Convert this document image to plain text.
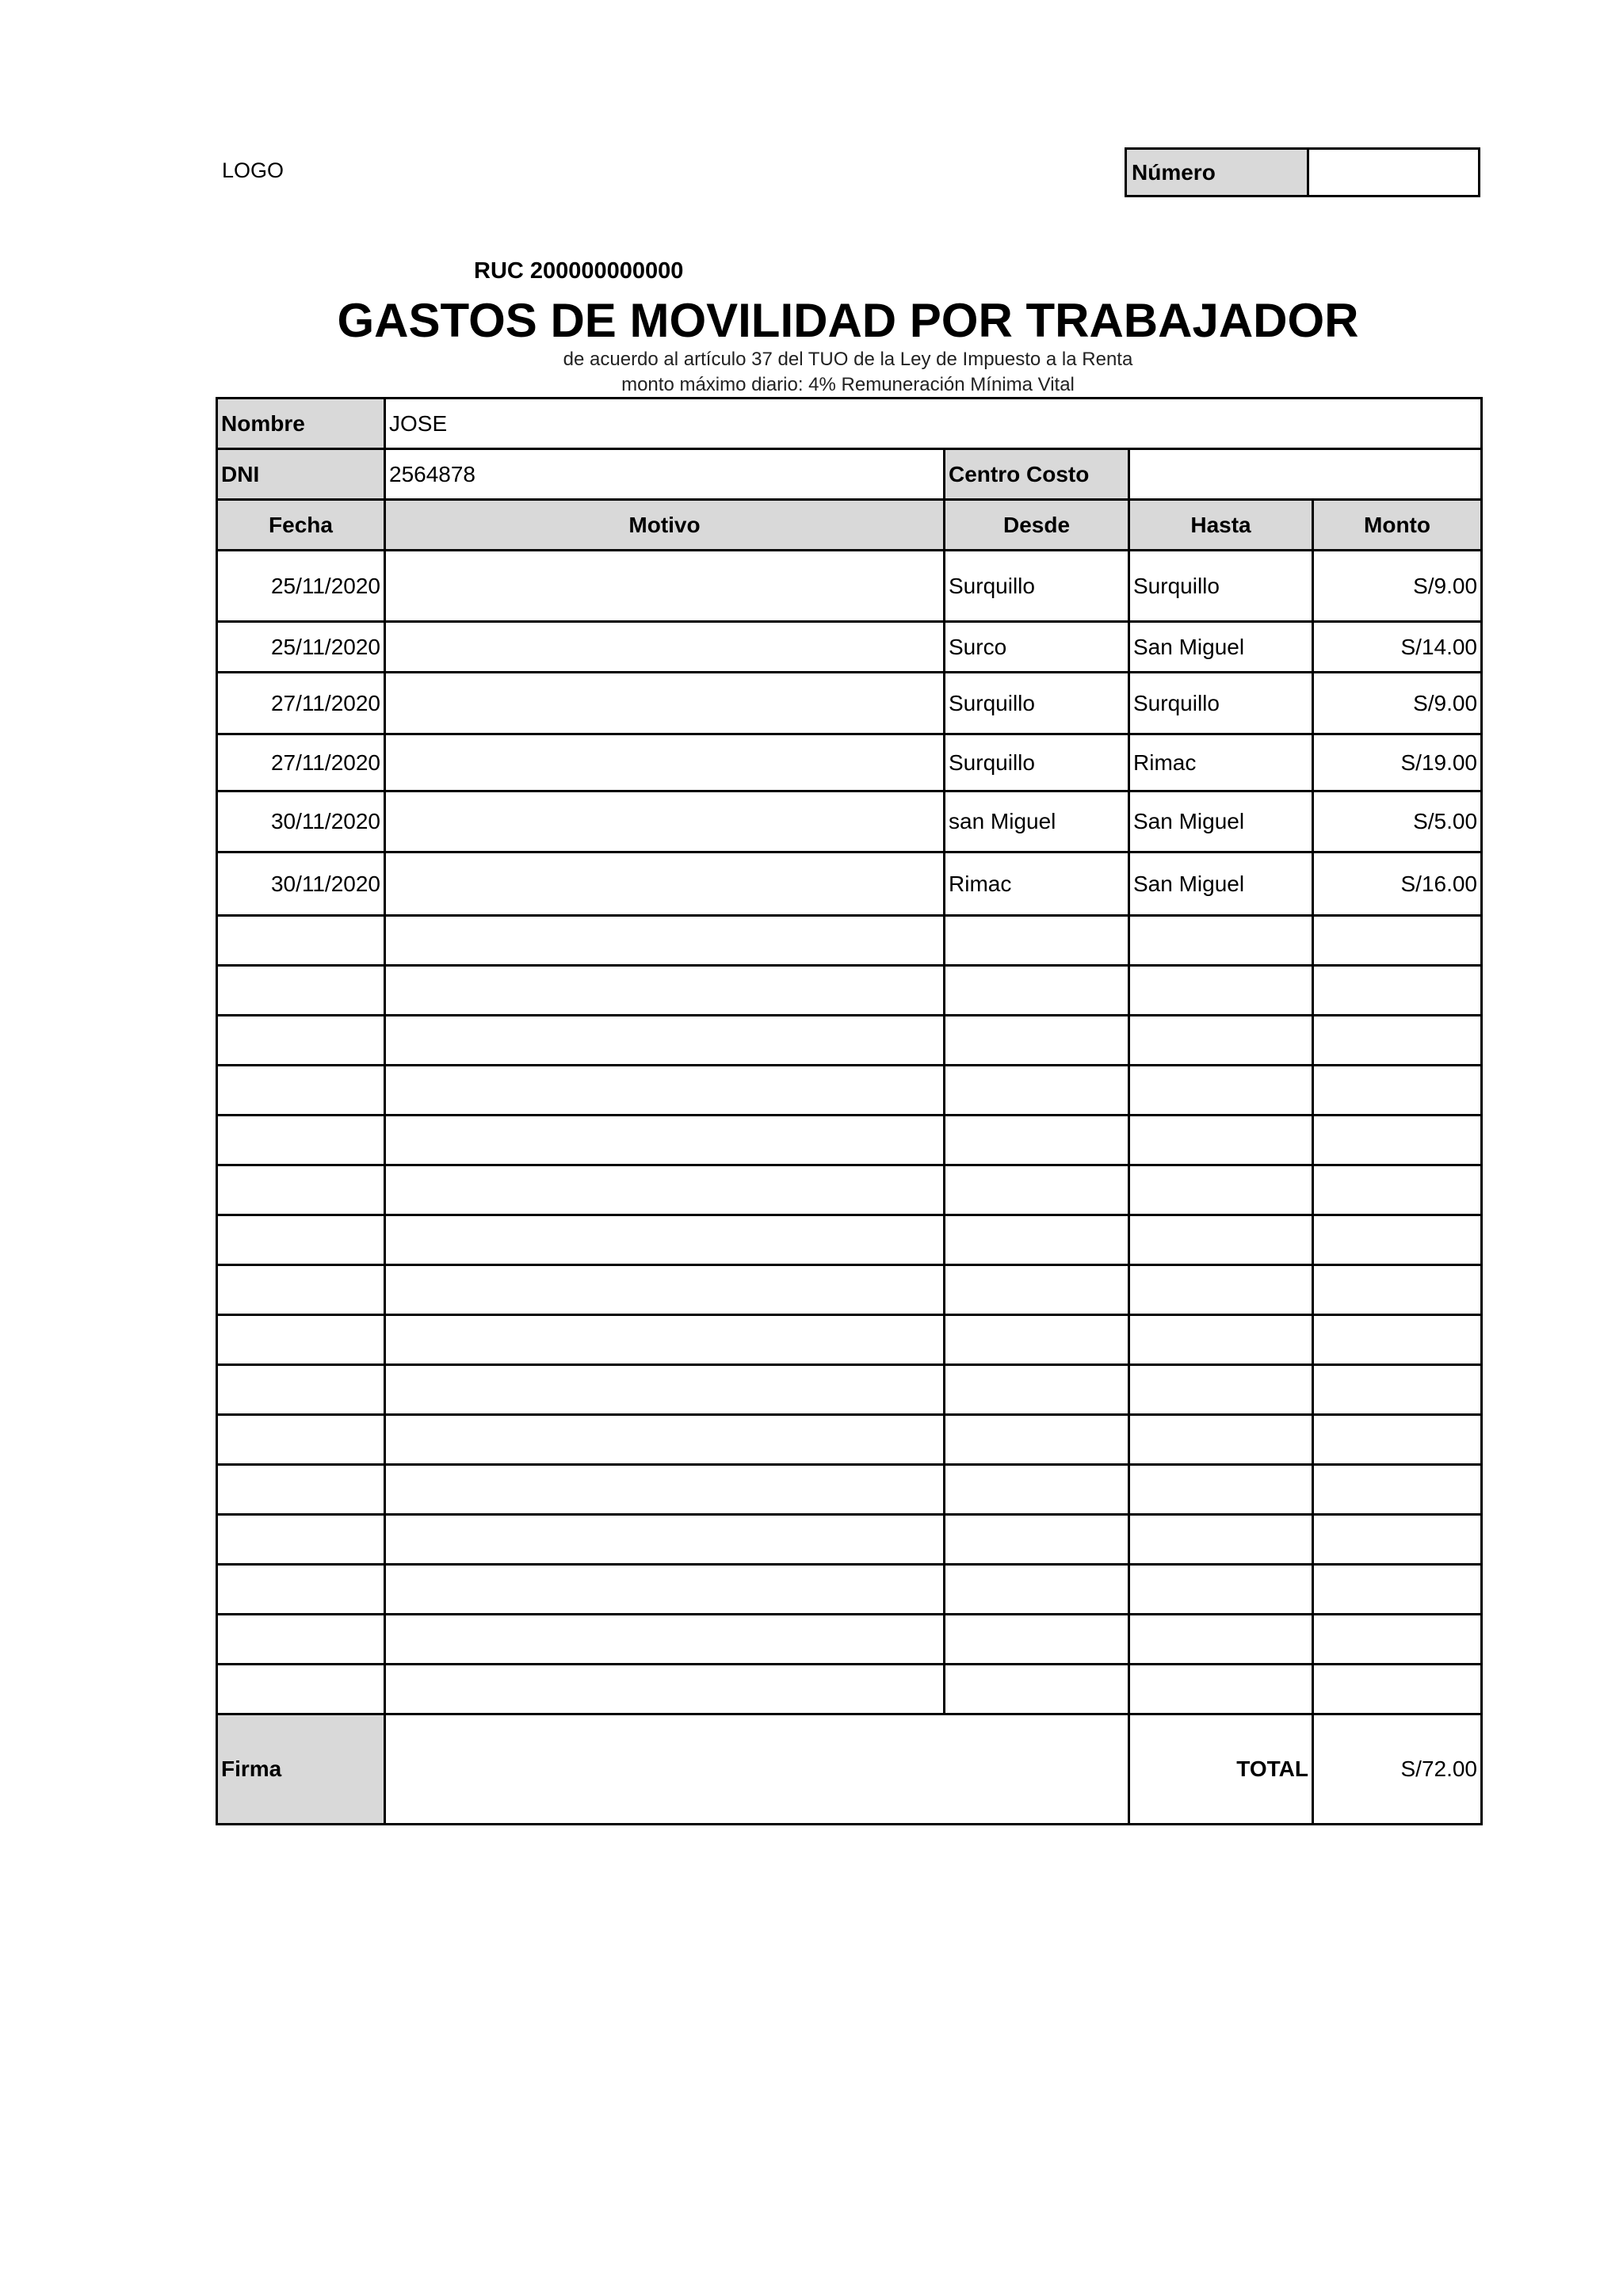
LOGO	Número
RUC 200000000000
GASTOS DE MOVILIDAD POR TRABAJADOR
de acuerdo al artículo 37 del TUO de la Ley de Impuesto a la Renta
monto máximo diario: 4% Remuneración Mínima Vital
Nombre	JOSE			
DNI	2564878	Centro Costo		
Fecha	Motivo	Desde	Hasta	Monto
25/11/2020		Surquillo	Surquillo	S/9.00
25/11/2020		Surco	San Miguel	S/14.00
27/11/2020		Surquillo	Surquillo	S/9.00
27/11/2020		Surquillo	Rimac	S/19.00
30/11/2020		san Miguel	San Miguel	S/5.00
30/11/2020		Rimac	San Miguel	S/16.00

Firma			TOTAL	S/72.00
